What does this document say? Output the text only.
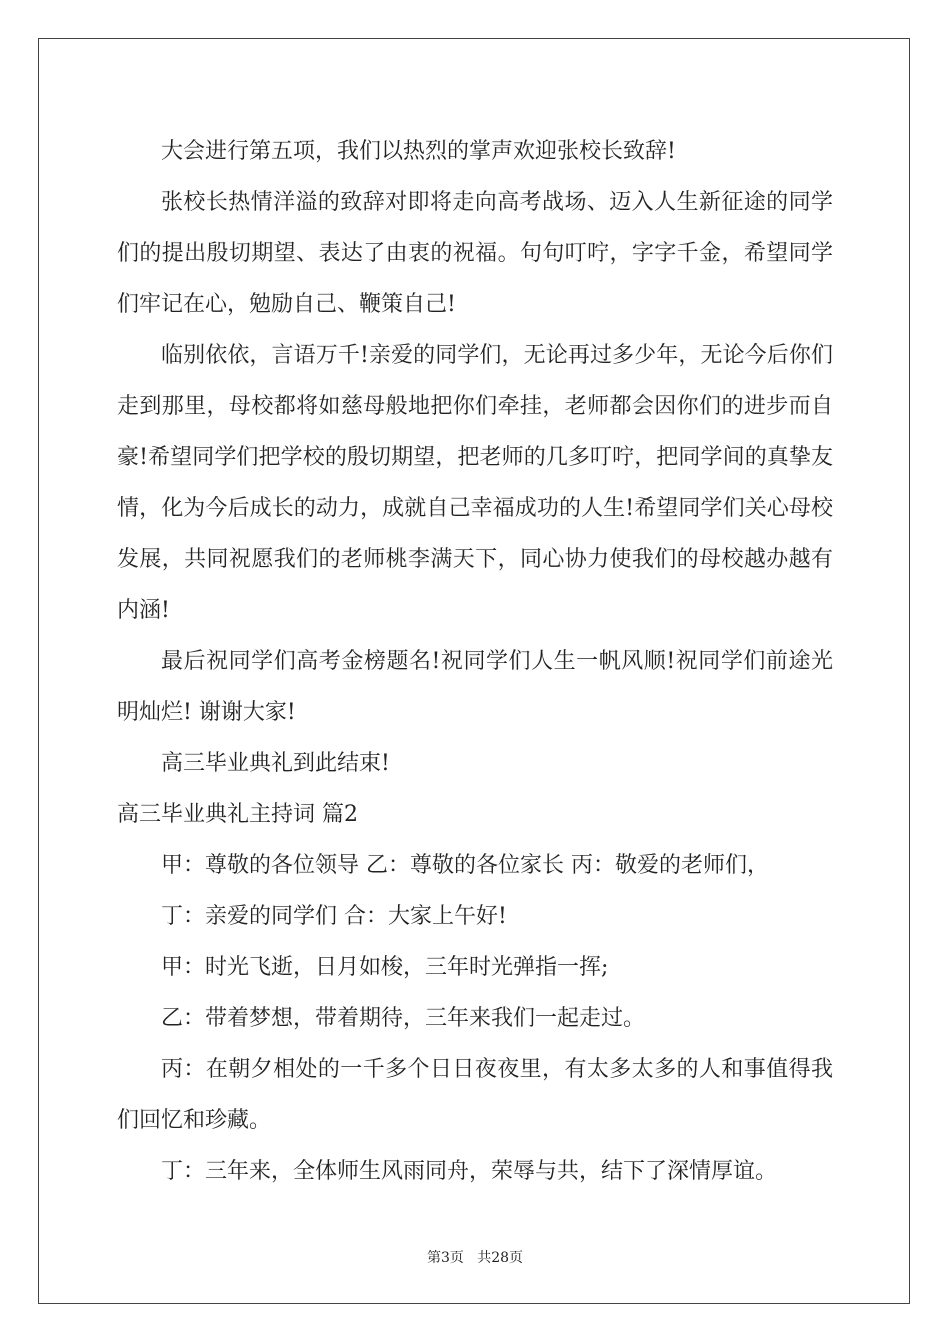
大会进行第五项，我们以热烈的掌声欢迎张校长致辞!

张校长热情洋溢的致辞对即将走向高考战场、迈入人生新征途的同学们的提出殷切期望、表达了由衷的祝福。句句叮咛，字字千金，希望同学们牢记在心，勉励自己、鞭策自己!

临别依依，言语万千!亲爱的同学们，无论再过多少年，无论今后你们走到那里，母校都将如慈母般地把你们牵挂，老师都会因你们的进步而自豪!希望同学们把学校的殷切期望，把老师的几多叮咛，把同学间的真挚友情，化为今后成长的动力，成就自己幸福成功的人生!希望同学们关心母校发展，共同祝愿我们的老师桃李满天下，同心协力使我们的母校越办越有内涵!

最后祝同学们高考金榜题名!祝同学们人生一帆风顺!祝同学们前途光明灿烂! 谢谢大家!

高三毕业典礼到此结束!

高三毕业典礼主持词 篇2

甲：尊敬的各位领导 乙：尊敬的各位家长 丙：敬爱的老师们，

丁：亲爱的同学们 合：大家上午好!

甲：时光飞逝，日月如梭，三年时光弹指一挥;

乙：带着梦想，带着期待，三年来我们一起走过。

丙：在朝夕相处的一千多个日日夜夜里，有太多太多的人和事值得我们回忆和珍藏。

丁：三年来，全体师生风雨同舟，荣辱与共，结下了深情厚谊。

第3页   共28页
